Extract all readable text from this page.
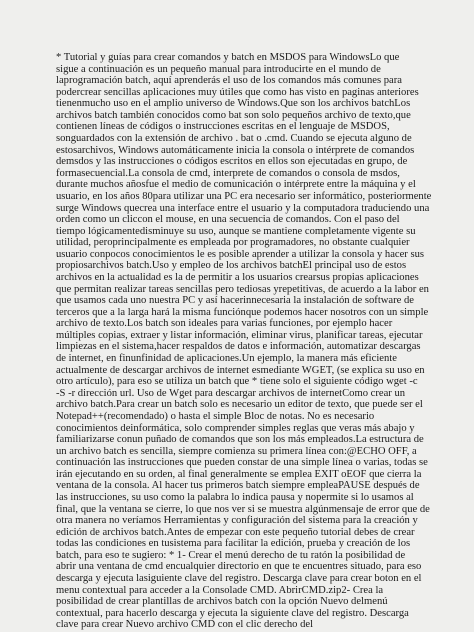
* Tutorial y guías para crear comandos y batch en MSDOS para WindowsLo que
sigue a continuación es un pequeño manual para introducirte en el mundo de
laprogramación batch, aquí aprenderás el uso de los comandos más comunes para
podercrear sencillas aplicaciones muy útiles que como has visto en paginas anteriores
tienenmucho uso en el amplio universo de Windows.Que son los archivos batchLos
archivos batch también conocidos como bat son solo pequeños archivo de texto,que
contienen líneas de códigos o instrucciones escritas en el lenguaje de MSDOS,
songuardados con la extensión de archivo . bat o .cmd. Cuando se ejecuta alguno de
estosarchivos, Windows automáticamente inicia la consola o intérprete de comandos
demsdos y las instrucciones o códigos escritos en ellos son ejecutadas en grupo, de
formasecuencial.La consola de cmd, interprete de comandos o consola de msdos,
durante muchos añosfue el medio de comunicación o intérprete entre la máquina y el
usuario, en los años 80para utilizar una PC era necesario ser informático, posteriormente
surge Windows quecrea una interface entre el usuario y la computadora traduciendo una
orden como un cliccon el mouse, en una secuencia de comandos. Con el paso del
tiempo lógicamentedisminuye su uso, aunque se mantiene completamente vigente su
utilidad, peroprincipalmente es empleada por programadores, no obstante cualquier
usuario conpocos conocimientos le es posible aprender a utilizar la consola y hacer sus
propiosarchivos batch.Uso y empleo de los archivos batchEl principal uso de estos
archivos en la actualidad es la de permitir a los usuarios crearsus propias aplicaciones
que permitan realizar tareas sencillas pero tediosas yrepetitivas, de acuerdo a la labor en
que usamos cada uno nuestra PC y así hacerinnecesaria la instalación de software de
terceros que a la larga hará la misma funciónque podemos hacer nosotros con un simple
archivo de texto.Los batch son ideales para varias funciones, por ejemplo hacer
múltiples copias, extraer y listar información, eliminar virus, planificar tareas, ejecutar
limpiezas en el sistema,hacer respaldos de datos e información, automatizar descargas
de internet, en finunfinidad de aplicaciones.Un ejemplo, la manera más eficiente
actualmente de descargar archivos de internet esmediante WGET, (se explica su uso en
otro artículo), para eso se utiliza un batch que * tiene solo el siguiente código wget -c
-S -r dirección url. Uso de Wget para descargar archivos de internetComo crear un
archivo batch.Para crear un batch solo es necesario un editor de texto, que puede ser el
Notepad++(recomendado) o hasta el simple Bloc de notas. No es necesario
conocimientos deinformática, solo comprender simples reglas que veras más abajo y
familiarizarse conun puñado de comandos que son los más empleados.La estructura de
un archivo batch es sencilla, siempre comienza su primera línea con:@ECHO OFF, a
continuación las instrucciones que pueden constar de una simple línea o varias, todas se
irán ejecutando en su orden, al final generalmente se emplea EXIT oEOF que cierra la
ventana de la consola. Al hacer tus primeros batch siempre empleaPAUSE después de
las instrucciones, su uso como la palabra lo indica pausa y nopermite si lo usamos al
final, que la ventana se cierre, lo que nos ver si se muestra algúnmensaje de error que de
otra manera no veríamos Herramientas y configuración del sistema para la creación y
edición de archivos batch.Antes de empezar con este pequeño tutorial debes de crear
todas las condiciones en tusistema para facilitar la edición, prueba y creación de los
batch, para eso te sugiero: * 1- Crear el menú derecho de tu ratón la posibilidad de
abrir una ventana de cmd encualquier directorio en que te encuentres situado, para eso
descarga y ejecuta lasiguiente clave del registro. Descarga clave para crear boton en el
menu contextual para acceder a la Consolade CMD. AbrirCMD.zip2- Crea la
posibilidad de crear plantillas de archivos batch con la opción Nuevo delmenú
contextual, para hacerlo descarga y ejecuta la siguiente clave del registro. Descarga
clave para crear Nuevo archivo CMD con el clic derecho del
